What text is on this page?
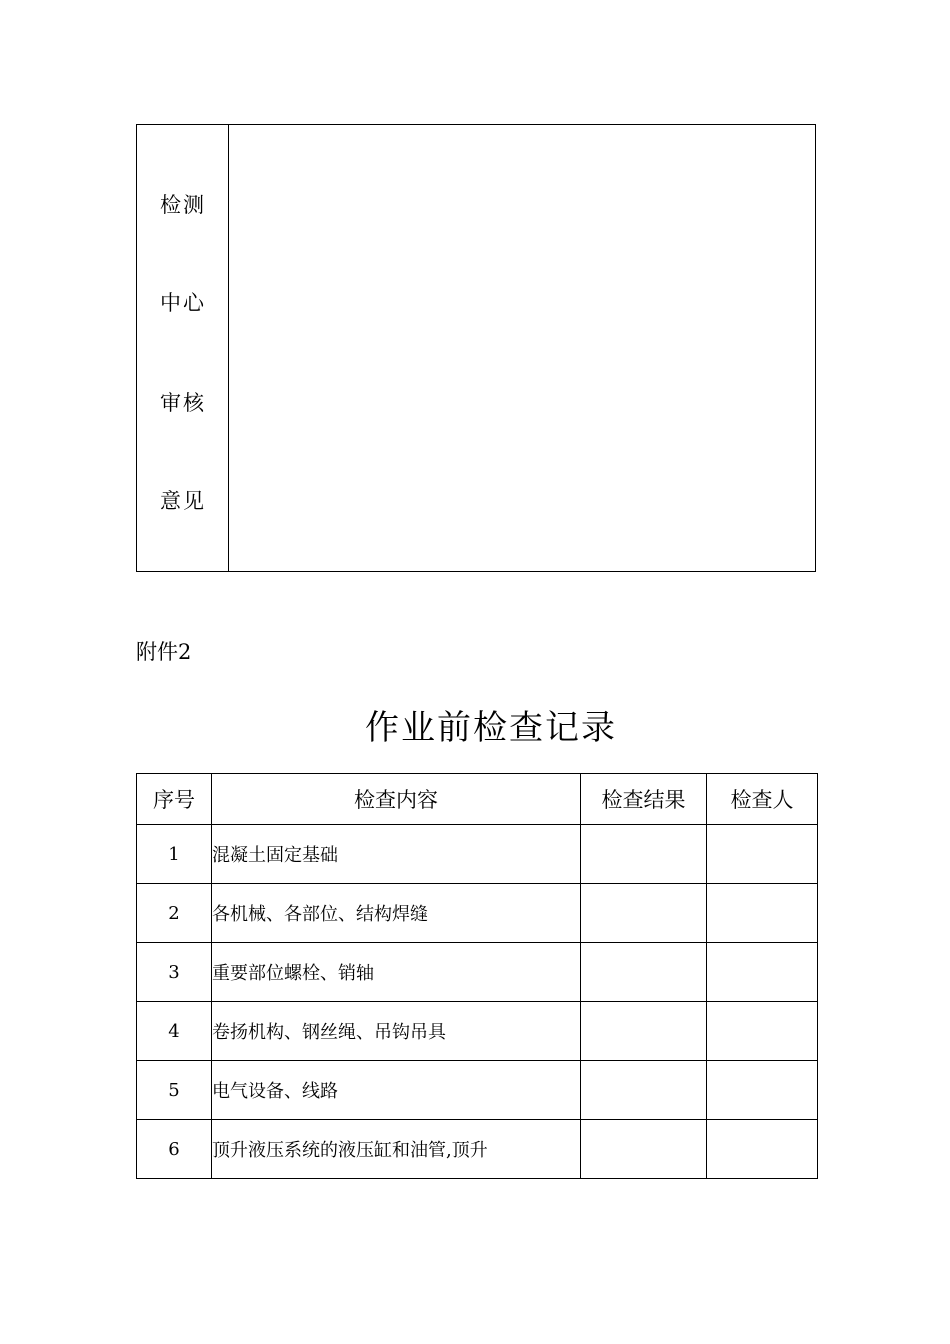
检测
中心
审核
意见
附件2
作业前检查记录
序号	检查内容	检查结果	检查人
1	混凝土固定基础		
2	各机械、各部位、结构焊缝		
3	重要部位螺栓、销轴		
4	卷扬机构、钢丝绳、吊钩吊具		
5	电气设备、线路		
6	顶升液压系统的液压缸和油管,顶升		
